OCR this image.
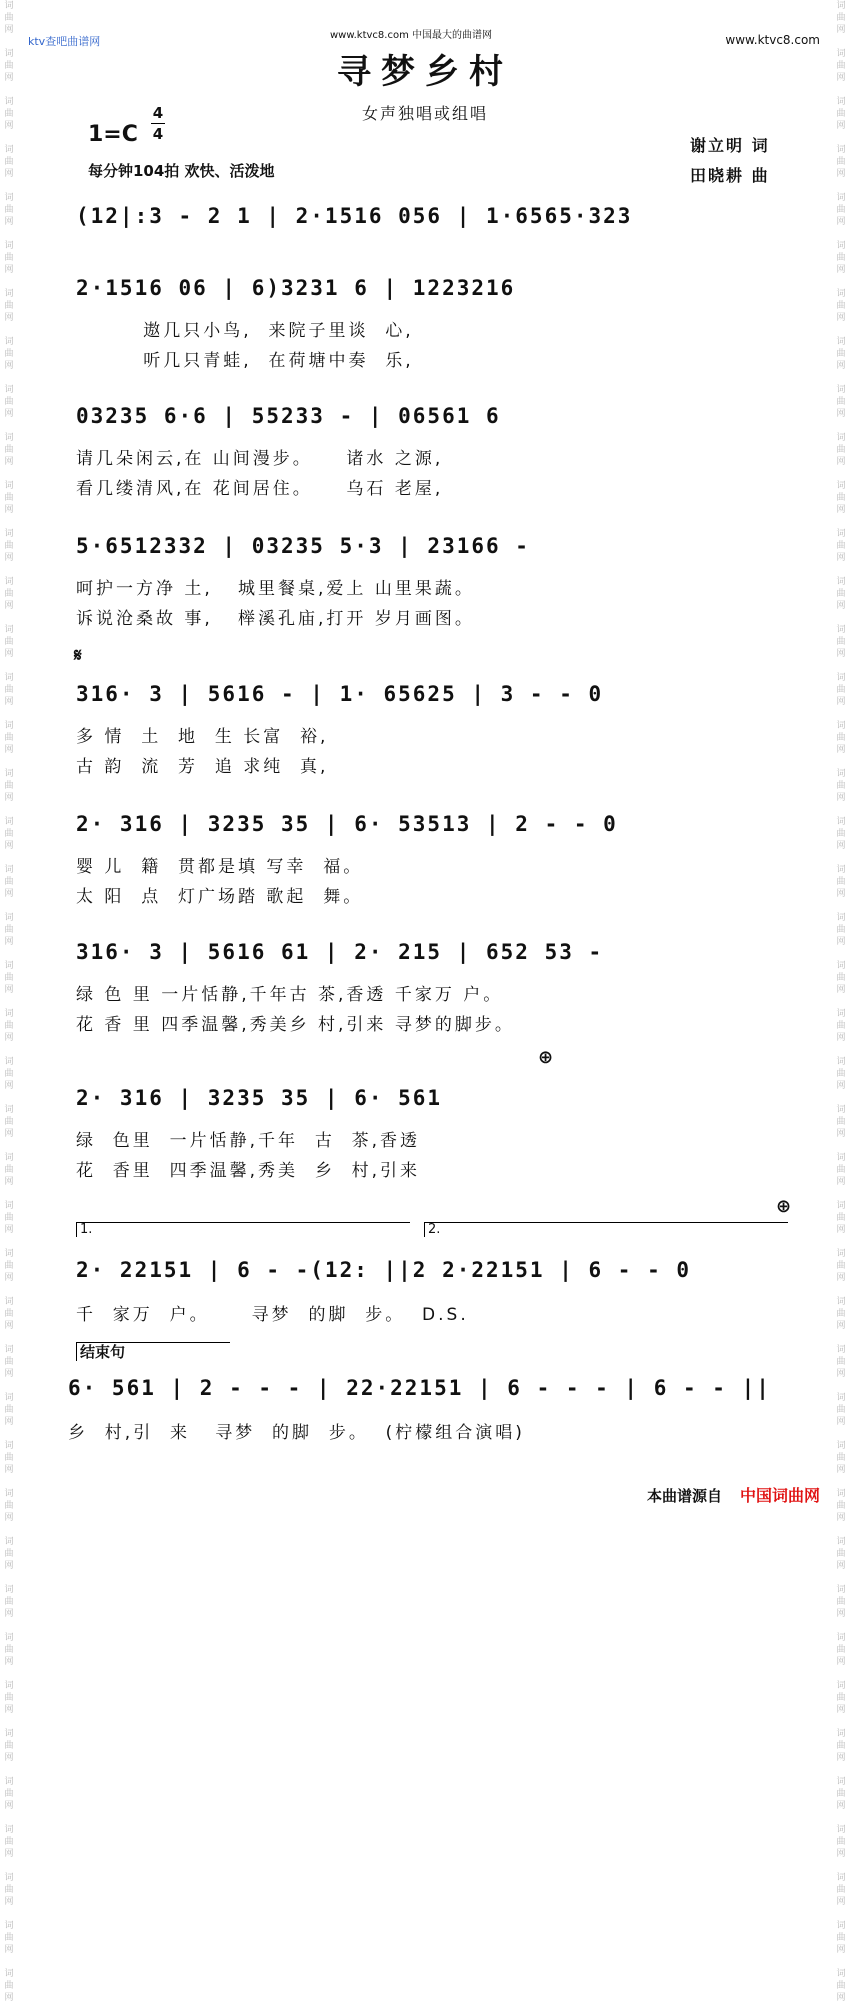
词
曲
网

词
曲
网

词
曲
网

词
曲
网

词
曲
网

词
曲
网

词
曲
网

词
曲
网

词
曲
网

词
曲
网

词
曲
网

词
曲
网

词
曲
网

词
曲
网

词
曲
网

词
曲
网

词
曲
网

词
曲
网

词
曲
网

词
曲
网

词
曲
网

词
曲
网

词
曲
网

词
曲
网

词
曲
网

词
曲
网

词
曲
网

词
曲
网

词
曲
网

词
曲
网

词
曲
网

词
曲
网

词
曲
网

词
曲
网

词
曲
网

词
曲
网

词
曲
网

词
曲
网

词
曲
网

词
曲
网

词
曲
网

词
曲
网

词
曲
网

词
曲
网

词
曲
网

词
曲
网

词
曲
网

词
曲
网

词
曲
网

词
曲
网

词
曲
网

词
曲
网

词
曲
网

词
曲
网

词
曲
网

词
曲
网

词
曲
网

词
曲
网

词
曲
网

词
曲
网

词
曲
网

词
曲
网

词
曲
网

词
曲
网

词
曲
网

词
曲
网

词
曲
网

词
曲
网

词
曲
网

词
曲
网

词
曲
网

词
曲
网

词
曲
网

词
曲
网

词
曲
网

词
曲
网

词
曲
网

词
曲
网

词
曲
网

词
曲
网

词
曲
网

词
曲
网

词
曲
网

词
曲
网

ktv查吧曲谱网	www.ktvc8.com 中国最大的曲谱网	www.ktvc8.com
寻梦乡村
女声独唱或组唱
1=C
4
4
每分钟104拍 欢快、活泼地
谢立明 词
田晓耕 曲
(12|:3 - 2 1 | 2·1516 056 | 1·6565·323
2·1516 06 | 6)3231 6 | 1223216
遨几只小鸟,  来院子里谈  心,
听几只青蛙,  在荷塘中奏  乐,
03235 6·6 | 55233 - | 06561 6
请几朵闲云,在 山间漫步。    诸水 之源,
看几缕清风,在 花间居住。    乌石 老屋,
5·6512332 | 03235 5·3 | 23166 -
呵护一方净 土,   城里餐桌,爱上 山里果蔬。
诉说沧桑故 事,   榉溪孔庙,打开 岁月画图。
𝄋
316· 3 | 5616 - | 1· 65625 | 3 - - 0
多 情  土  地  生 长富  裕,
古 韵  流  芳  追 求纯  真,
2· 316 | 3235 35 | 6· 53513 | 2 - - 0
婴 儿  籍  贯都是填 写幸  福。
太 阳  点  灯广场踏 歌起  舞。
316· 3 | 5616 61 | 2· 215 | 652 53 -
绿 色 里 一片恬静,千年古 茶,香透 千家万 户。
花 香 里 四季温馨,秀美乡 村,引来 寻梦的脚步。
⊕
2· 316 | 3235 35 | 6· 561
绿  色里  一片恬静,千年  古  茶,香透
花  香里  四季温馨,秀美  乡  村,引来
⊕
1.	2.
2· 22151 | 6 - -(12: ||2 2·22151 | 6 - - 0
千  家万  户。     寻梦  的脚  步。  D.S.
结束句
6· 561 | 2 - - - | 22·22151 | 6 - - - | 6 - - ||
乡  村,引  来   寻梦  的脚  步。  (柠檬组合演唱)
本曲谱源自 中国词曲网
